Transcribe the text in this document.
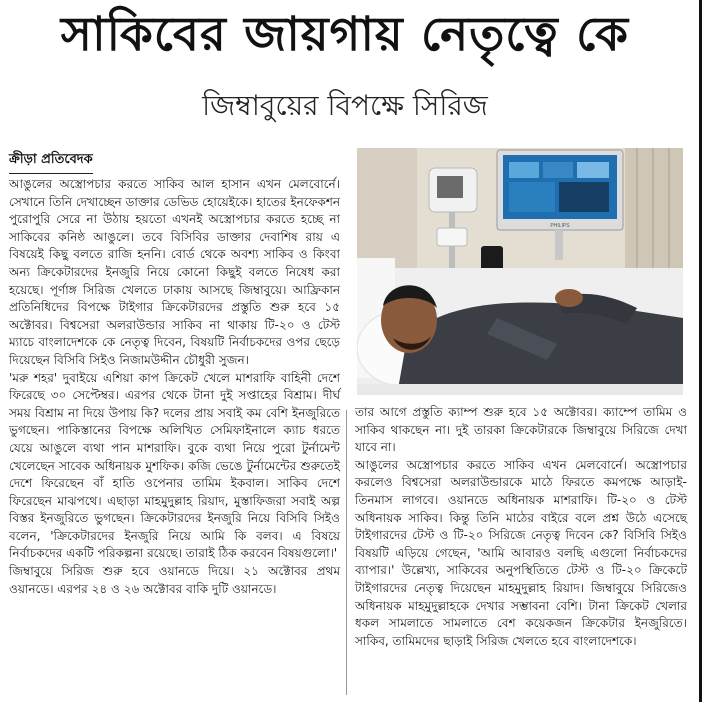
সাকিবের জায়গায় নেতৃত্বে কে
জিম্বাবুয়ের বিপক্ষে সিরিজ
ক্রীড়া প্রতিবেদক

আঙুলের অস্ত্রোপচার করতে সাকিব আল হাসান এখন মেলবোর্নে। সেখানে তিনি দেখাচ্ছেন ডাক্তার ডেভিড হোয়েইকে। হাতের ইনফেকশন পুরোপুরি সেরে না উঠায় হয়তো এখনই অস্ত্রোপচার করতে হচ্ছে না সাকিবের কনিষ্ঠ আঙুলে। তবে বিসিবির ডাক্তার দেবাশিষ রায় এ বিষয়েই কিছু বলতে রাজি হননি। বোর্ড থেকে অবশ্য সাকিব ও কিংবা অন্য ক্রিকেটারদের ইনজুরি নিয়ে কোনো কিছুই বলতে নিষেধ করা হয়েছে। পূর্ণাঙ্গ সিরিজ খেলতে ঢাকায় আসছে জিম্বাবুয়ে। আফ্রিকান প্রতিনিধিদের বিপক্ষে টাইগার ক্রিকেটারদের প্রস্তুতি শুরু হবে ১৫ অক্টোবর। বিশ্বসেরা অলরাউন্ডার সাকিব না থাকায় টি-২০ ও টেস্ট ম্যাচে বাংলাদেশকে কে নেতৃত্ব দিবেন, বিষয়টি নির্বাচকদের ওপর ছেড়ে দিয়েছেন বিসিবি সিইও নিজামউদ্দীন চৌধুরী সুজন।

'মরু শহর' দুবাইয়ে এশিয়া কাপ ক্রিকেট খেলে মাশরাফি বাহিনী দেশে ফিরেছে ৩০ সেপ্টেম্বর। এরপর থেকে টানা দুই সপ্তাহের বিশ্রাম। দীর্ঘ সময় বিশ্রাম না দিয়ে উপায় কি? দলের প্রায় সবাই কম বেশি ইনজুরিতে ভুগছেন। পাকিস্তানের বিপক্ষে অলিখিত সেমিফাইনালে ক্যাচ ধরতে যেয়ে আঙুলে ব্যথা পান মাশরাফি। বুকে ব্যথা নিয়ে পুরো টুর্নামেন্ট খেলেছেন সাবেক অধিনায়ক মুশফিক। কজি ভেঙে টুর্নামেন্টের শুরুতেই দেশে ফিরেছেন বাঁ হাতি ওপেনার তামিম ইকবাল। সাকিব দেশে ফিরেছেন মাঝপথে। এছাড়া মাহমুদুল্লাহ রিয়াদ, মুস্তাফিজরা সবাই অল্প বিস্তর ইনজুরিতে ভুগছেন। ক্রিকেটারদের ইনজুরি নিয়ে বিসিবি সিইও বলেন, 'ক্রিকেটারদের ইনজুরি নিয়ে আমি কি বলব। এ বিষয়ে নির্বাচকদের একটি পরিকল্পনা রয়েছে। তারাই ঠিক করবেন বিষয়গুলো।'

জিম্বাবুয়ে সিরিজ শুরু হবে ওয়ানডে দিয়ে। ২১ অক্টোবর প্রথম ওয়ানডে। এরপর ২৪ ও ২৬ অক্টোবর বাকি দুটি ওয়ানডে।

PHILIPS

তার আগে প্রস্তুতি ক্যাম্প শুরু হবে ১৫ অক্টোবর। ক্যাম্পে তামিম ও সাকিব থাকছেন না। দুই তারকা ক্রিকেটারকে জিম্বাবুয়ে সিরিজে দেখা যাবে না।

আঙুলের অস্ত্রোপচার করতে সাকিব এখন মেলবোর্নে। অস্ত্রোপচার করলেও বিশ্বসেরা অলরাউন্ডারকে মাঠে ফিরতে কমপক্ষে আড়াই-তিনমাস লাগবে। ওয়ানডে অধিনায়ক মাশরাফি। টি-২০ ও টেস্ট অধিনায়ক সাকিব। কিন্তু তিনি মাঠের বাইরে বলে প্রশ্ন উঠে এসেছে টাইগারদের টেস্ট ও টি-২০ সিরিজে নেতৃত্ব দিবেন কে? বিসিবি সিইও বিষয়টি এড়িয়ে গেছেন, 'আমি আবারও বলছি এগুলো নির্বাচকদের ব্যাপার।' উল্লেখ্য, সাকিবের অনুপস্থিতিতে টেস্ট ও টি-২০ ক্রিকেটে টাইগারদের নেতৃত্ব দিয়েছেন মাহমুদুল্লাহ রিয়াদ। জিম্বাবুয়ে সিরিজেও অধিনায়ক মাহমুদুল্লাহকে দেখার সম্ভাবনা বেশি। টানা ক্রিকেট খেলার ধকল সামলাতে সামলাতে বেশ কয়েকজন ক্রিকেটার ইনজুরিতে। সাকিব, তামিমদের ছাড়াই সিরিজ খেলতে হবে বাংলাদেশকে।
